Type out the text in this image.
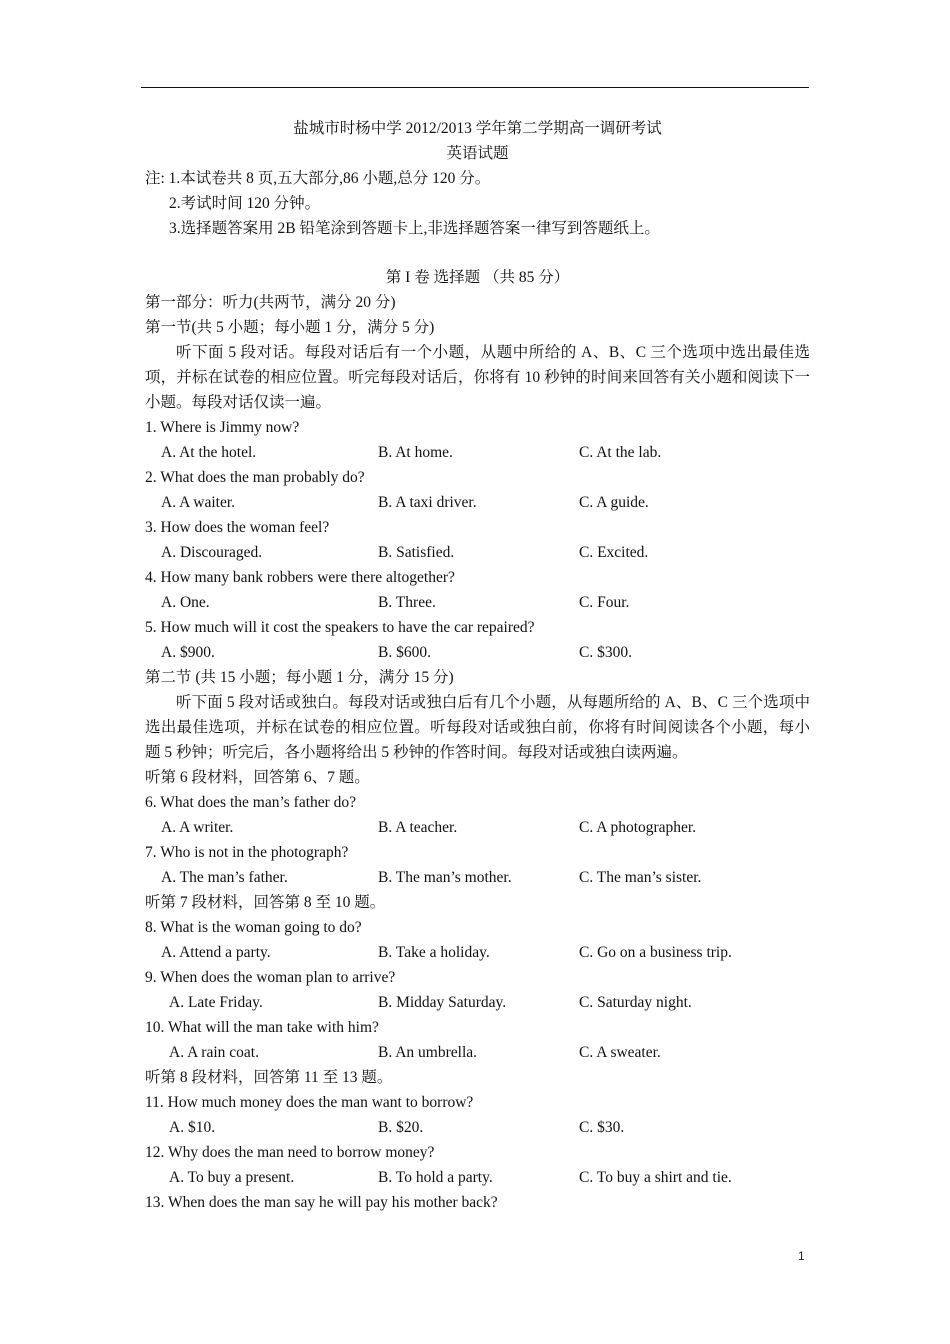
盐城市时杨中学 2012/2013 学年第二学期高一调研考试
英语试题
注: 1.本试卷共 8 页,五大部分,86 小题,总分 120 分。
2.考试时间 120 分钟。
3.选择题答案用 2B 铅笔涂到答题卡上,非选择题答案一律写到答题纸上。
第 I 卷 选择题 （共 85 分）
第一部分：听力(共两节，满分 20 分)
第一节(共 5 小题；每小题 1 分，满分 5 分)
听下面 5 段对话。每段对话后有一个小题，从题中所给的 A、B、C 三个选项中选出最佳选项，并标在试卷的相应位置。听完每段对话后，你将有 10 秒钟的时间来回答有关小题和阅读下一小题。每段对话仅读一遍。
1. Where is Jimmy now?
A. At the hotel.	B. At home.	C. At the lab.
2. What does the man probably do?
A. A waiter.	B. A taxi driver.	C. A guide.
3. How does the woman feel?
A. Discouraged.	B. Satisfied.	C. Excited.
4. How many bank robbers were there altogether?
A. One.	B. Three.	C. Four.
5. How much will it cost the speakers to have the car repaired?
A. $900.	B. $600.	C. $300.
第二节 (共 15 小题；每小题 1 分，满分 15 分)
听下面 5 段对话或独白。每段对话或独白后有几个小题，从每题所给的 A、B、C 三个选项中选出最佳选项，并标在试卷的相应位置。听每段对话或独白前，你将有时间阅读各个小题，每小题 5 秒钟；听完后，各小题将给出 5 秒钟的作答时间。每段对话或独白读两遍。
听第 6 段材料，回答第 6、7 题。
6. What does the man’s father do?
A. A writer.	B. A teacher.	C. A photographer.
7. Who is not in the photograph?
A. The man’s father.	B. The man’s mother.	C. The man’s sister.
听第 7 段材料，回答第 8 至 10 题。
8. What is the woman going to do?
A. Attend a party.	B. Take a holiday.	C. Go on a business trip.
9. When does the woman plan to arrive?
A. Late Friday.	B. Midday Saturday.	C. Saturday night.
10. What will the man take with him?
A. A rain coat.	B. An umbrella.	C. A sweater.
听第 8 段材料，回答第 11 至 13 题。
11. How much money does the man want to borrow?
A. $10.	B. $20.	C. $30.
12. Why does the man need to borrow money?
A. To buy a present.	B. To hold a party.	C. To buy a shirt and tie.
13. When does the man say he will pay his mother back?
1
